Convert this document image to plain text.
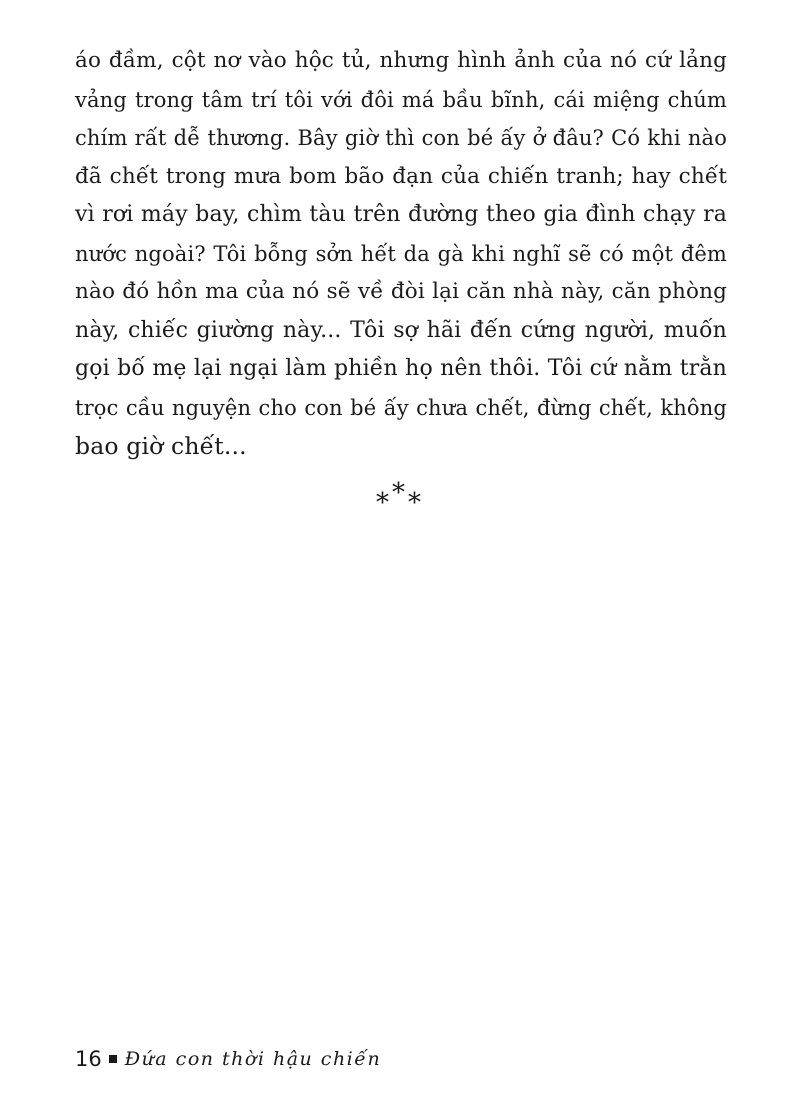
áo đầm, cột nơ vào hộc tủ, nhưng hình ảnh của nó cứ lảng
vảng trong tâm trí tôi với đôi má bầu bĩnh, cái miệng chúm
chím rất dễ thương. Bây giờ thì con bé ấy ở đâu? Có khi nào
đã chết trong mưa bom bão đạn của chiến tranh; hay chết
vì rơi máy bay, chìm tàu trên đường theo gia đình chạy ra
nước ngoài? Tôi bỗng sởn hết da gà khi nghĩ sẽ có một đêm
nào đó hồn ma của nó sẽ về đòi lại căn nhà này, căn phòng
này, chiếc giường này... Tôi sợ hãi đến cứng người, muốn
gọi bố mẹ lại ngại làm phiền họ nên thôi. Tôi cứ nằm trằn
trọc cầu nguyện cho con bé ấy chưa chết, đừng chết, không
bao giờ chết...
***
16 Đứa con thời hậu chiến
